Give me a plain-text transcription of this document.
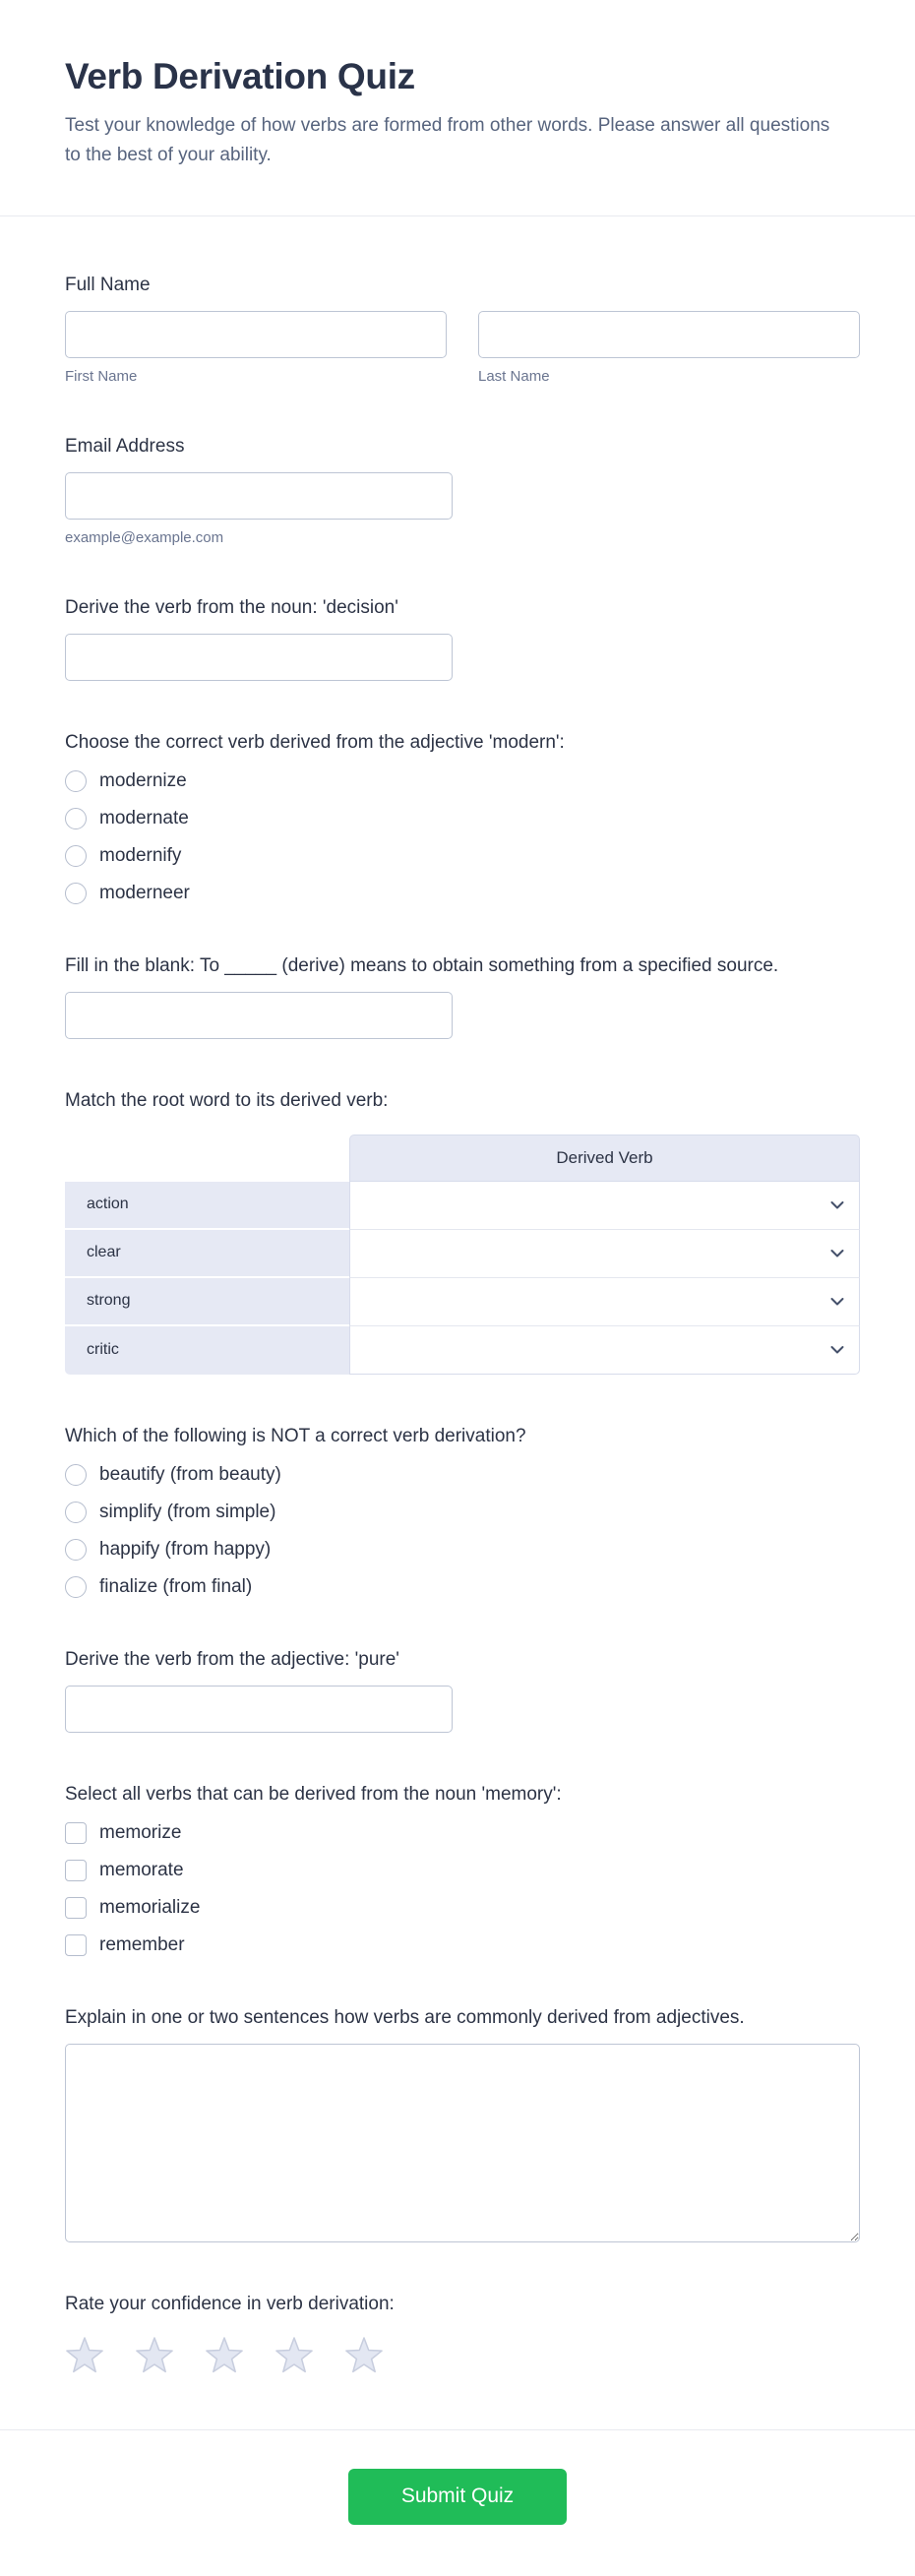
Verb Derivation Quiz

Test your knowledge of how verbs are formed from other words. Please answer all questions to the best of your ability.

Full Name
First Name	Last Name
Email Address
example@example.com
Derive the verb from the noun: 'decision'
Choose the correct verb derived from the adjective 'modern':
modernize
modernate
modernify
moderneer
Fill in the blank: To _____ (derive) means to obtain something from a specified source.
Match the root word to its derived verb:
Derived Verb
action
clear
strong
critic
Which of the following is NOT a correct verb derivation?
beautify (from beauty)
simplify (from simple)
happify (from happy)
finalize (from final)
Derive the verb from the adjective: 'pure'
Select all verbs that can be derived from the noun 'memory':
memorize
memorate
memorialize
remember
Explain in one or two sentences how verbs are commonly derived from adjectives.
Rate your confidence in verb derivation:
Submit Quiz
